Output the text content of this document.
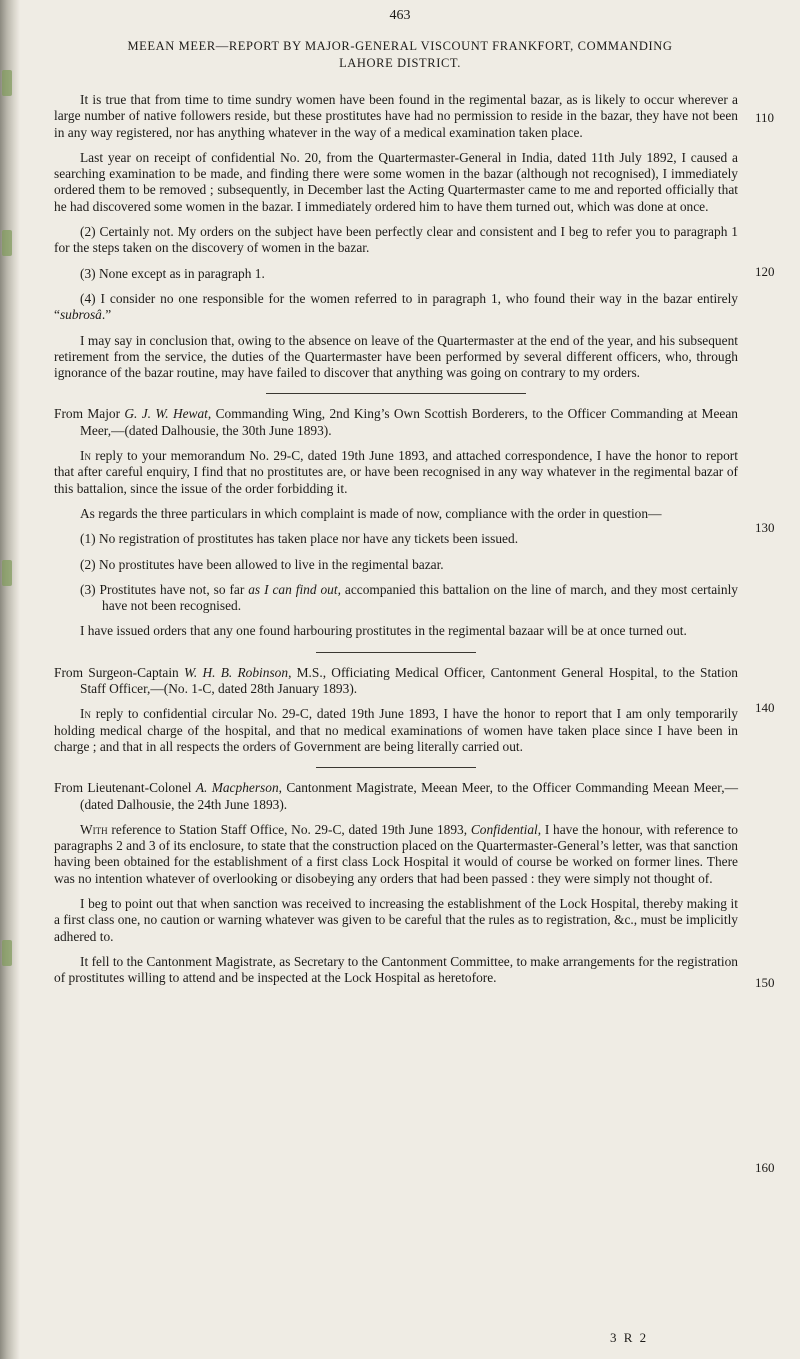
463
MEEAN MEER—REPORT BY MAJOR-GENERAL VISCOUNT FRANKFORT, COMMANDING
LAHORE DISTRICT.
110
120
130
140
150
160

It is true that from time to time sundry women have been found in the regimental bazar, as is likely to occur wherever a large number of native followers reside, but these prostitutes have had no permission to reside in the bazar, they have not been in any way registered, nor has anything whatever in the way of a medical examination taken place.

Last year on receipt of confidential No. 20, from the Quartermaster-General in India, dated 11th July 1892, I caused a searching examination to be made, and finding there were some women in the bazar (although not recognised), I immediately ordered them to be removed ; subsequently, in December last the Acting Quartermaster came to me and reported officially that he had discovered some women in the bazar. I immediately ordered him to have them turned out, which was done at once.

(2) Certainly not. My orders on the subject have been perfectly clear and consistent and I beg to refer you to paragraph 1 for the steps taken on the discovery of women in the bazar.

(3) None except as in paragraph 1.

(4) I consider no one responsible for the women referred to in paragraph 1, who found their way in the bazar entirely “subrosâ.”

I may say in conclusion that, owing to the absence on leave of the Quartermaster at the end of the year, and his subsequent retirement from the service, the duties of the Quartermaster have been performed by several different officers, who, through ignorance of the bazar routine, may have failed to discover that anything was going on contrary to my orders.

From Major G. J. W. Hewat, Commanding Wing, 2nd King’s Own Scottish Borderers, to the Officer Commanding at Meean Meer,—(dated Dalhousie, the 30th June 1893).

In reply to your memorandum No. 29-C, dated 19th June 1893, and attached correspondence, I have the honor to report that after careful enquiry, I find that no prostitutes are, or have been recognised in any way whatever in the regimental bazar of this battalion, since the issue of the order forbidding it.

As regards the three particulars in which complaint is made of now, compliance with the order in question—

(1) No registration of prostitutes has taken place nor have any tickets been issued.

(2) No prostitutes have been allowed to live in the regimental bazar.

(3) Prostitutes have not, so far as I can find out, accompanied this battalion on the line of march, and they most certainly have not been recognised.

I have issued orders that any one found harbouring prostitutes in the regimental bazaar will be at once turned out.

From Surgeon-Captain W. H. B. Robinson, M.S., Officiating Medical Officer, Cantonment General Hospital, to the Station Staff Officer,—(No. 1-C, dated 28th January 1893).

In reply to confidential circular No. 29-C, dated 19th June 1893, I have the honor to report that I am only temporarily holding medical charge of the hospital, and that no medical examinations of women have taken place since I have been in charge ; and that in all respects the orders of Government are being literally carried out.

From Lieutenant-Colonel A. Macpherson, Cantonment Magistrate, Meean Meer, to the Officer Commanding Meean Meer,—(dated Dalhousie, the 24th June 1893).

With reference to Station Staff Office, No. 29-C, dated 19th June 1893, Confidential, I have the honour, with reference to paragraphs 2 and 3 of its enclosure, to state that the construction placed on the Quartermaster-General’s letter, was that sanction having been obtained for the establishment of a first class Lock Hospital it would of course be worked on former lines. There was no intention whatever of overlooking or disobeying any orders that had been passed : they were simply not thought of.

I beg to point out that when sanction was received to increasing the establishment of the Lock Hospital, thereby making it a first class one, no caution or warning whatever was given to be careful that the rules as to registration, &c., must be implicitly adhered to.

It fell to the Cantonment Magistrate, as Secretary to the Cantonment Committee, to make arrangements for the registration of prostitutes willing to attend and be inspected at the Lock Hospital as heretofore.

3 R 2
